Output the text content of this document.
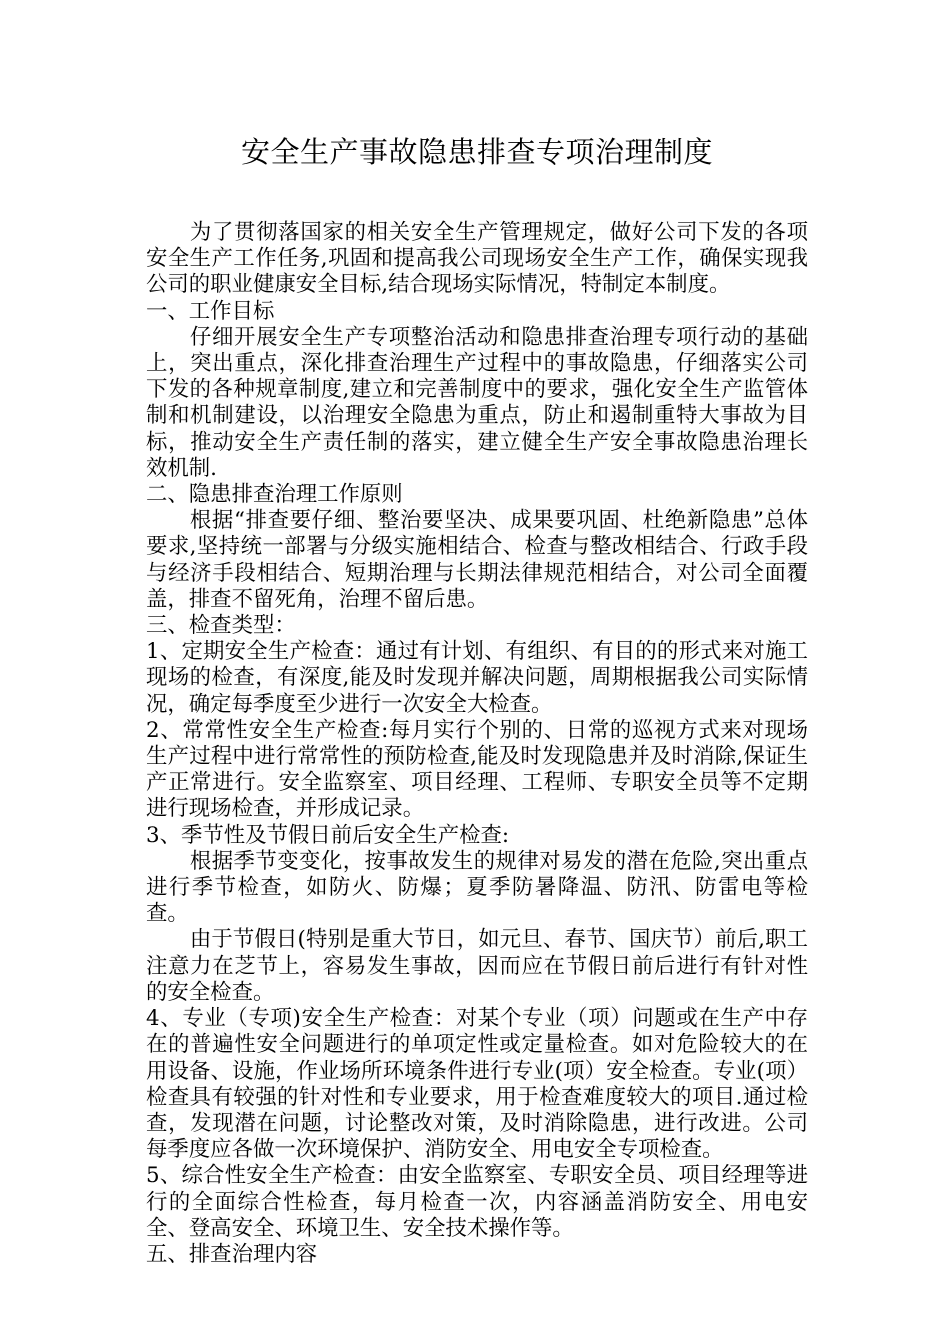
安全生产事故隐患排查专项治理制度

为了贯彻落国家的相关安全生产管理规定，做好公司下发的各项安全生产工作任务,巩固和提高我公司现场安全生产工作，确保实现我公司的职业健康安全目标,结合现场实际情况，特制定本制度。

一、工作目标

仔细开展安全生产专项整治活动和隐患排查治理专项行动的基础上，突出重点，深化排查治理生产过程中的事故隐患，仔细落实公司下发的各种规章制度,建立和完善制度中的要求，强化安全生产监管体制和机制建设，以治理安全隐患为重点，防止和遏制重特大事故为目标，推动安全生产责任制的落实，建立健全生产安全事故隐患治理长效机制.

二、隐患排查治理工作原则

根据“排查要仔细、整治要坚决、成果要巩固、杜绝新隐患”总体要求,坚持统一部署与分级实施相结合、检查与整改相结合、行政手段与经济手段相结合、短期治理与长期法律规范相结合，对公司全面覆盖，排查不留死角，治理不留后患。

三、检查类型：

1、定期安全生产检查：通过有计划、有组织、有目的的形式来对施工现场的检查，有深度,能及时发现并解决问题，周期根据我公司实际情况，确定每季度至少进行一次安全大检查。

2、常常性安全生产检查:每月实行个别的、日常的巡视方式来对现场生产过程中进行常常性的预防检查,能及时发现隐患并及时消除,保证生产正常进行。安全监察室、项目经理、工程师、专职安全员等不定期进行现场检查，并形成记录。

3、季节性及节假日前后安全生产检查:

根据季节变变化，按事故发生的规律对易发的潜在危险,突出重点进行季节检查，如防火、防爆；夏季防暑降温、防汛、防雷电等检查。

由于节假日(特别是重大节日，如元旦、春节、国庆节）前后,职工注意力在芝节上，容易发生事故，因而应在节假日前后进行有针对性的安全检查。

4、专业（专项)安全生产检查：对某个专业（项）问题或在生产中存在的普遍性安全问题进行的单项定性或定量检查。如对危险较大的在用设备、设施，作业场所环境条件进行专业(项）安全检查。专业(项）检查具有较强的针对性和专业要求，用于检查难度较大的项目.通过检查，发现潜在问题，讨论整改对策，及时消除隐患，进行改进。公司每季度应各做一次环境保护、消防安全、用电安全专项检查。

5、综合性安全生产检查：由安全监察室、专职安全员、项目经理等进行的全面综合性检查，每月检查一次，内容涵盖消防安全、用电安全、登高安全、环境卫生、安全技术操作等。

五、排查治理内容
